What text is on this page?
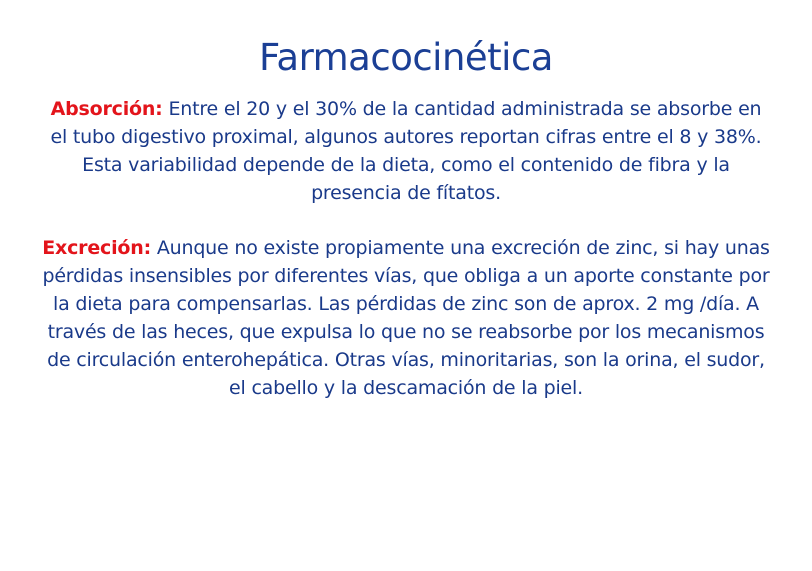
Farmacocinética

Absorción: Entre el 20 y el 30% de la cantidad administrada se absorbe en el tubo digestivo proximal, algunos autores reportan cifras entre el 8 y 38%. Esta variabilidad depende de la dieta, como el contenido de fibra y la presencia de fítatos.

Excreción: Aunque no existe propiamente una excreción de zinc, si hay unas pérdidas insensibles por diferentes vías, que obliga a un aporte constante por la dieta para compensarlas. Las pérdidas de zinc son de aprox. 2 mg /día. A través de las heces, que expulsa lo que no se reabsorbe por los mecanismos de circulación enterohepática. Otras vías, minoritarias, son la orina, el sudor, el cabello y la descamación de la piel.
